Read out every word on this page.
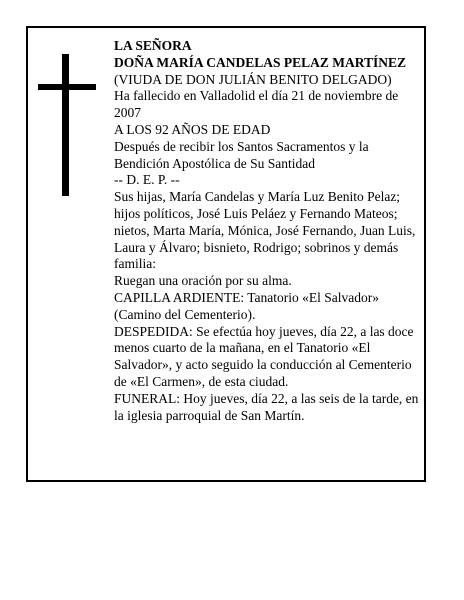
LA SEÑORA
DOÑA MARÍA CANDELAS PELAZ MARTÍNEZ
(VIUDA DE DON JULIÁN BENITO DELGADO)
Ha fallecido en Valladolid el día 21 de noviembre de 2007
A LOS 92 AÑOS DE EDAD
Después de recibir los Santos Sacramentos y la Bendición Apostólica de Su Santidad
-- D. E. P. --
Sus hijas, María Candelas y María Luz Benito Pelaz; hijos políticos, José Luis Peláez y Fernando Mateos; nietos, Marta María, Mónica, José Fernando, Juan Luis, Laura y Álvaro; bisnieto, Rodrigo; sobrinos y demás familia:
Ruegan una oración por su alma.
CAPILLA ARDIENTE: Tanatorio «El Salvador» (Camino del Cementerio).
DESPEDIDA: Se efectúa hoy jueves, día 22, a las doce menos cuarto de la mañana, en el Tanatorio «El Salvador», y acto seguido la conducción al Cementerio de «El Carmen», de esta ciudad.
FUNERAL: Hoy jueves, día 22, a las seis de la tarde, en la iglesia parroquial de San Martín.
